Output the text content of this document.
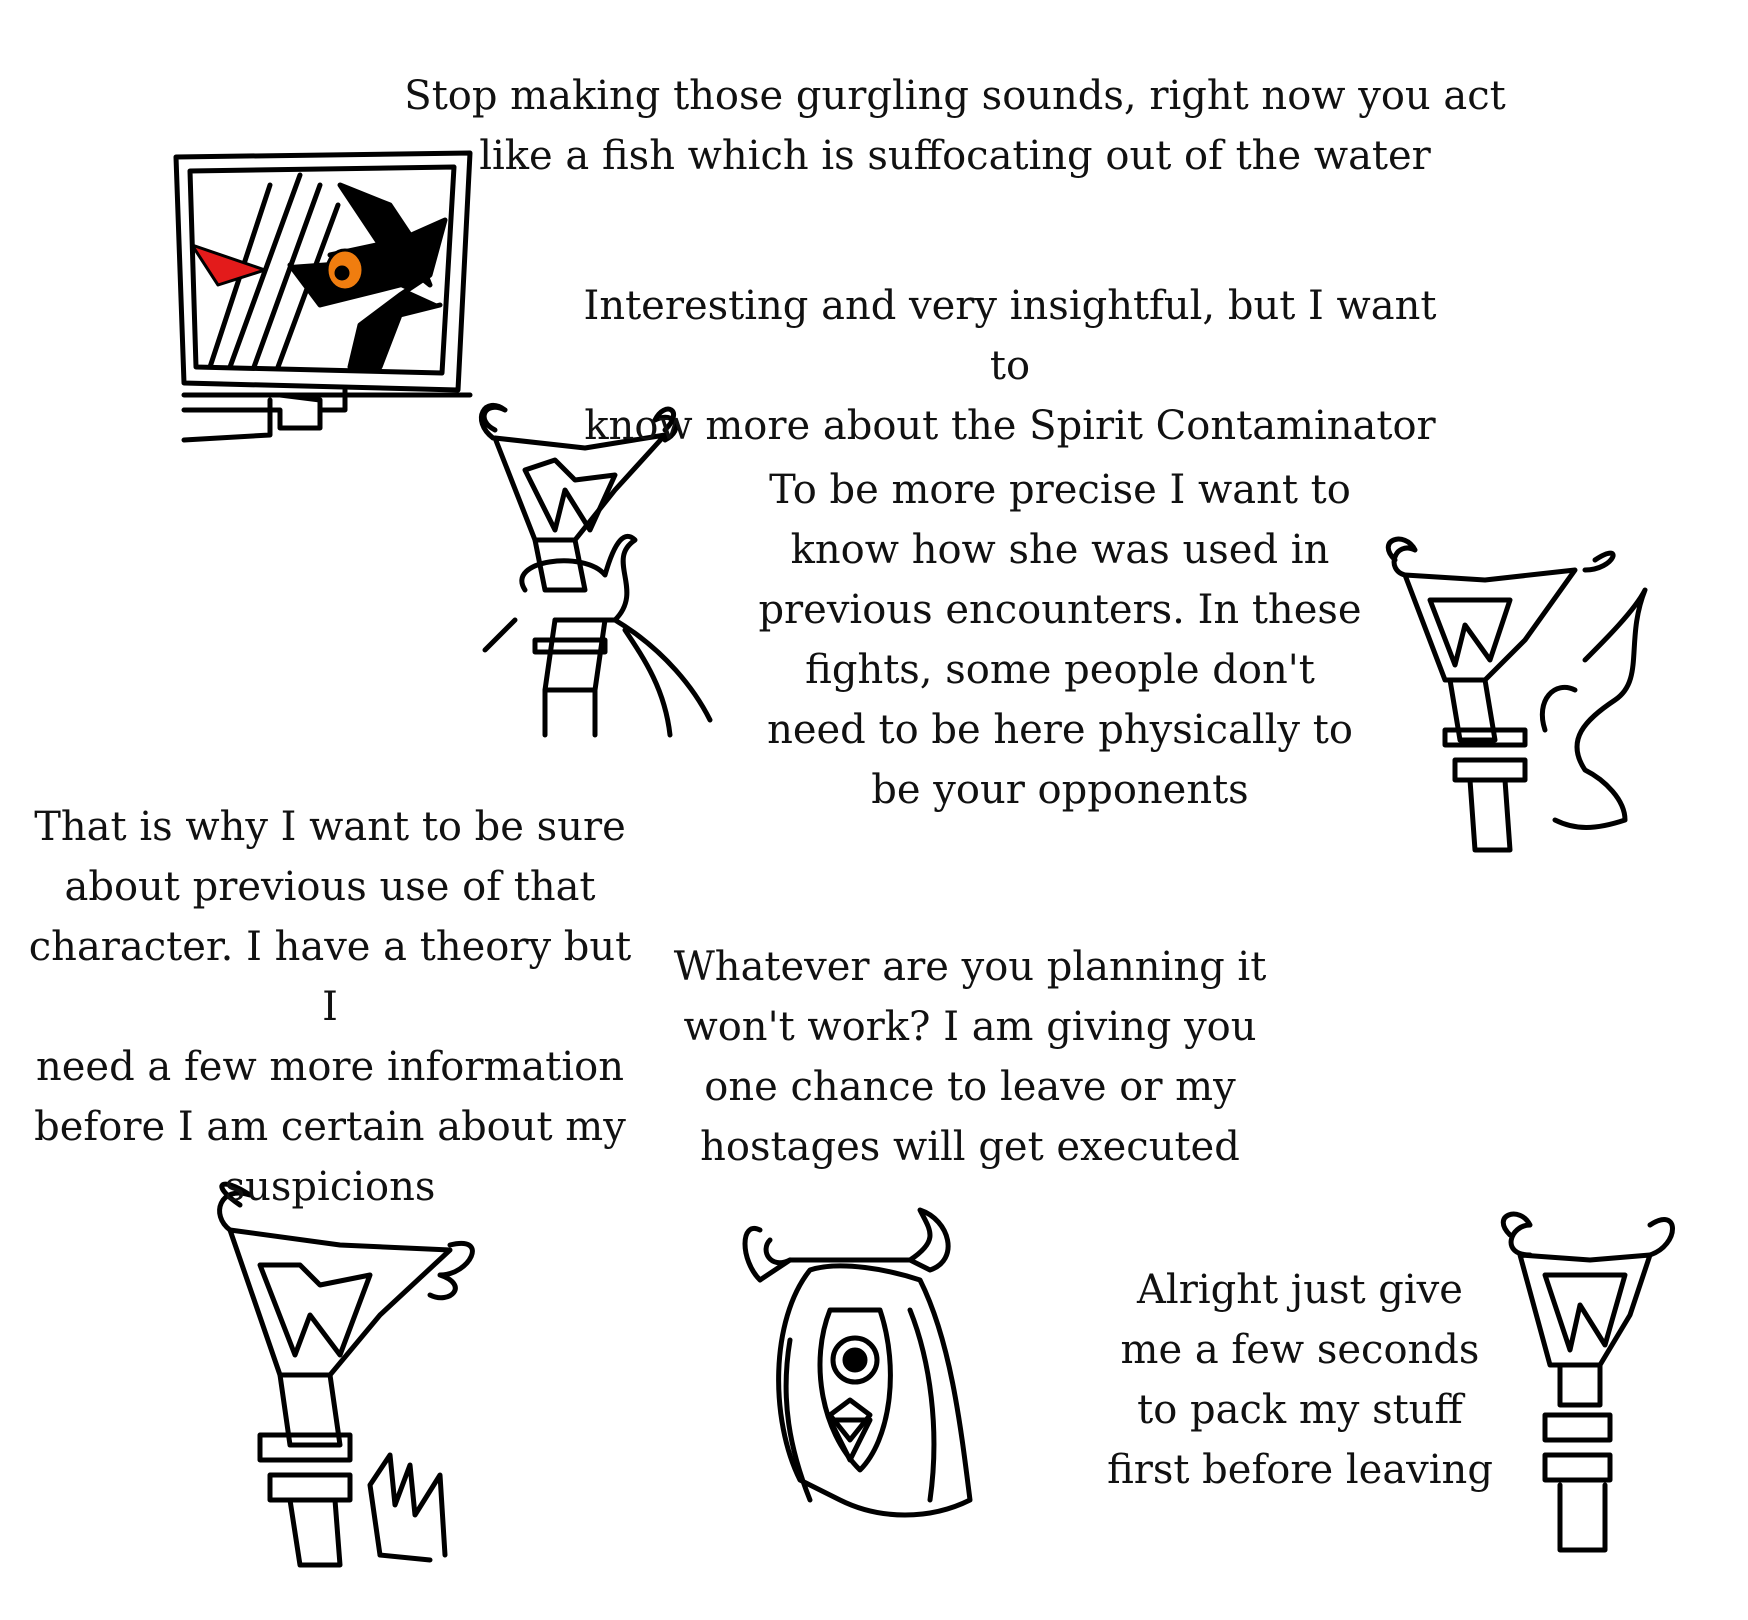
Stop making those gurgling sounds, right now you act
like a fish which is suffocating out of the water

Interesting and very insightful, but I want to
know more about the Spirit Contaminator

To be more precise I want to
know how she was used in
previous encounters. In these
fights, some people don't
need to be here physically to
be your opponents

That is why I want to be sure
about previous use of that
character. I have a theory but I
need a few more information
before I am certain about my
suspicions

Whatever are you planning it
won't work? I am giving you
one chance to leave or my
hostages will get executed

Alright just give
me a few seconds
to pack my stuff
first before leaving
